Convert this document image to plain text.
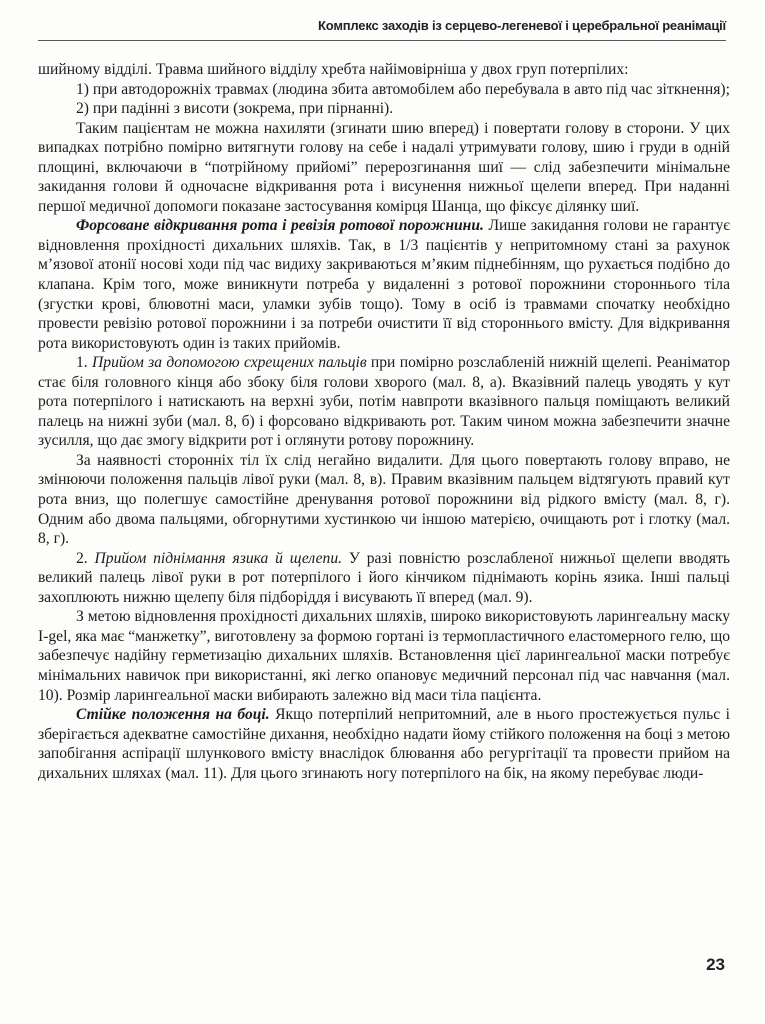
Комплекс заходів із серцево-легеневої і церебральної реанімації

шийному відділі. Травма шийного відділу хребта найімовірніша у двох груп потерпілих:

1) при автодорожніх травмах (людина збита автомобілем або перебувала в авто під час зіткнення);

2) при падінні з висоти (зокрема, при пірнанні).

Таким пацієнтам не можна нахиляти (згинати шию вперед) і повертати голову в сторони. У цих випадках потрібно помірно витягнути голову на себе і надалі утримувати голову, шию і груди в одній площині, включаючи в “потрійному прийомі” перерозгинання шиї — слід забезпечити мінімальне закидання голови й одночасне відкривання рота і висунення нижньої щелепи вперед. При наданні першої медичної допомоги показане застосування комірця Шанца, що фіксує ділянку шиї.

Форсоване відкривання рота і ревізія ротової порожнини. Лише закидання голови не гарантує відновлення прохідності дихальних шляхів. Так, в 1/3 пацієнтів у непритомному стані за рахунок м’язової атонії носові ходи під час видиху закриваються м’яким піднебінням, що рухається подібно до клапана. Крім того, може виникнути потреба у видаленні з ротової порожнини стороннього тіла (згустки крові, блювотні маси, уламки зубів тощо). Тому в осіб із травмами спочатку необхідно провести ревізію ротової порожнини і за потреби очистити її від стороннього вмісту. Для відкривання рота використовують один із таких прийомів.

1. Прийом за допомогою схрещених пальців при помірно розслабленій нижній щелепі. Реаніматор стає біля головного кінця або збоку біля голови хворого (мал. 8, а). Вказівний палець уводять у кут рота потерпілого і натискають на верхні зуби, потім навпроти вказівного пальця поміщають великий палець на нижні зуби (мал. 8, б) і форсовано відкривають рот. Таким чином можна забезпечити значне зусилля, що дає змогу відкрити рот і оглянути ротову порожнину.

За наявності сторонніх тіл їх слід негайно видалити. Для цього повертають голову вправо, не змінюючи положення пальців лівої руки (мал. 8, в). Правим вказівним пальцем відтягують правий кут рота вниз, що полегшує самостійне дренування ротової порожнини від рідкого вмісту (мал. 8, г). Одним або двома пальцями, обгорнутими хустинкою чи іншою матерією, очищають рот і глотку (мал. 8, г).

2. Прийом піднімання язика й щелепи. У разі повністю розслабленої нижньої щелепи вводять великий палець лівої руки в рот потерпілого і його кінчиком піднімають корінь язика. Інші пальці захоплюють нижню щелепу біля підборіддя і висувають її вперед (мал. 9).

З метою відновлення прохідності дихальних шляхів, широко використовують ларингеальну маску I-gel, яка має “манжетку”, виготовлену за формою гортані із термопластичного еластомерного гелю, що забезпечує надійну герметизацію дихальних шляхів. Встановлення цієї ларингеальної маски потребує мінімальних навичок при використанні, які легко опановує медичний персонал під час навчання (мал. 10). Розмір ларингеальної маски вибирають залежно від маси тіла пацієнта.

Стійке положення на боці. Якщо потерпілий непритомний, але в нього простежується пульс і зберігається адекватне самостійне дихання, необхідно надати йому стійкого положення на боці з метою запобігання аспірації шлункового вмісту внаслідок блювання або регургітації та провести прийом на дихальних шляхах (мал. 11). Для цього згинають ногу потерпілого на бік, на якому перебуває люди-

23
